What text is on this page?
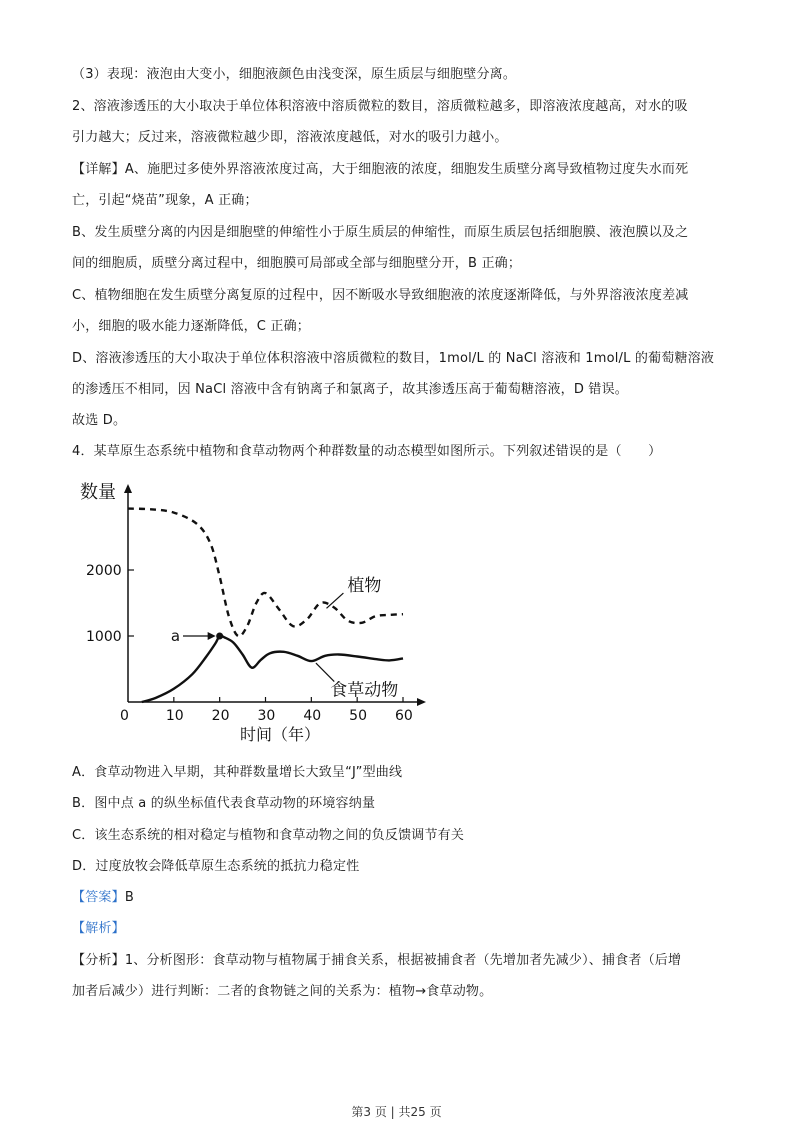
（3）表现：液泡由大变小，细胞液颜色由浅变深，原生质层与细胞壁分离。
2、溶液渗透压的大小取决于单位体积溶液中溶质微粒的数目，溶质微粒越多，即溶液浓度越高，对水的吸
引力越大；反过来，溶液微粒越少即，溶液浓度越低，对水的吸引力越小。
【详解】A、施肥过多使外界溶液浓度过高，大于细胞液的浓度，细胞发生质壁分离导致植物过度失水而死
亡，引起“烧苗”现象，A 正确；
B、发生质壁分离的内因是细胞壁的伸缩性小于原生质层的伸缩性，而原生质层包括细胞膜、液泡膜以及之
间的细胞质，质壁分离过程中，细胞膜可局部或全部与细胞壁分开，B 正确；
C、植物细胞在发生质壁分离复原的过程中，因不断吸水导致细胞液的浓度逐渐降低，与外界溶液浓度差减
小，细胞的吸水能力逐渐降低，C 正确；
D、溶液渗透压的大小取决于单位体积溶液中溶质微粒的数目，1mol/L 的 NaCl 溶液和 1mol/L 的葡萄糖溶液
的渗透压不相同，因 NaCl 溶液中含有钠离子和氯离子，故其渗透压高于葡萄糖溶液，D 错误。
故选 D。
4．某草原生态系统中植物和食草动物两个种群数量的动态模型如图所示。下列叙述错误的是（　　）
数量
时间（年）
0	10 20 30 40 50 60
1000
2000
植物
食草动物
a
A．食草动物进入早期，其种群数量增长大致呈“J”型曲线
B．图中点 a 的纵坐标值代表食草动物的环境容纳量
C．该生态系统的相对稳定与植物和食草动物之间的负反馈调节有关
D．过度放牧会降低草原生态系统的抵抗力稳定性
【答案】B
【解析】
【分析】1、分析图形：食草动物与植物属于捕食关系，根据被捕食者（先增加者先减少）、捕食者（后增
加者后减少）进行判断：二者的食物链之间的关系为：植物→食草动物。
第3 页 | 共25 页
